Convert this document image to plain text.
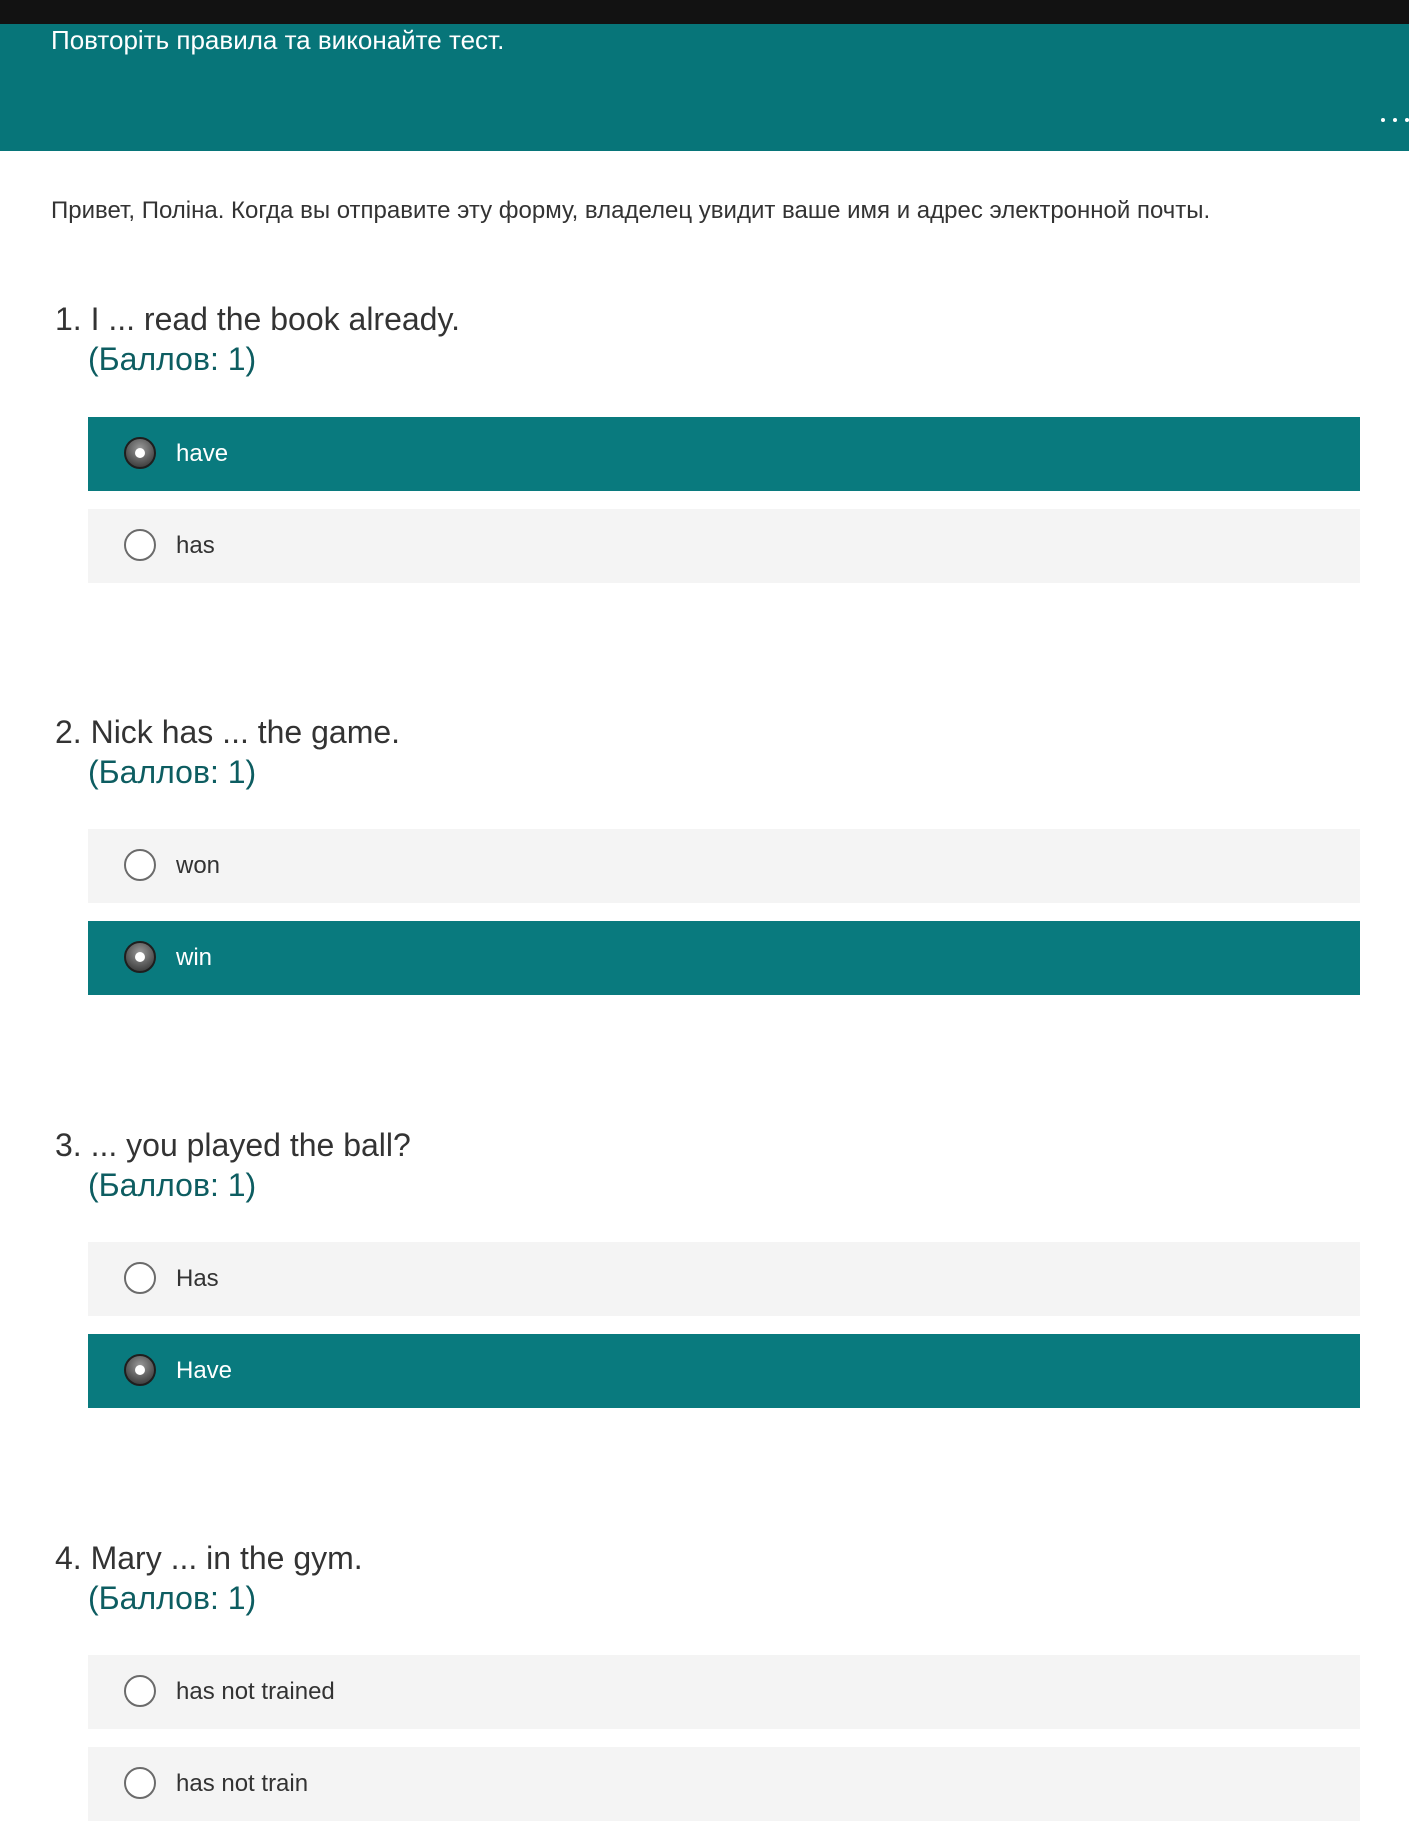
Повторіть правила та виконайте тест.
Привет, Поліна. Когда вы отправите эту форму, владелец увидит ваше имя и адрес электронной почты.
1. I ... read the book already.
(Баллов: 1)
have
has
2. Nick has ... the game.
(Баллов: 1)
won
win
3. ... you played the ball?
(Баллов: 1)
Has
Have
4. Mary ... in the gym.
(Баллов: 1)
has not trained
has not train
